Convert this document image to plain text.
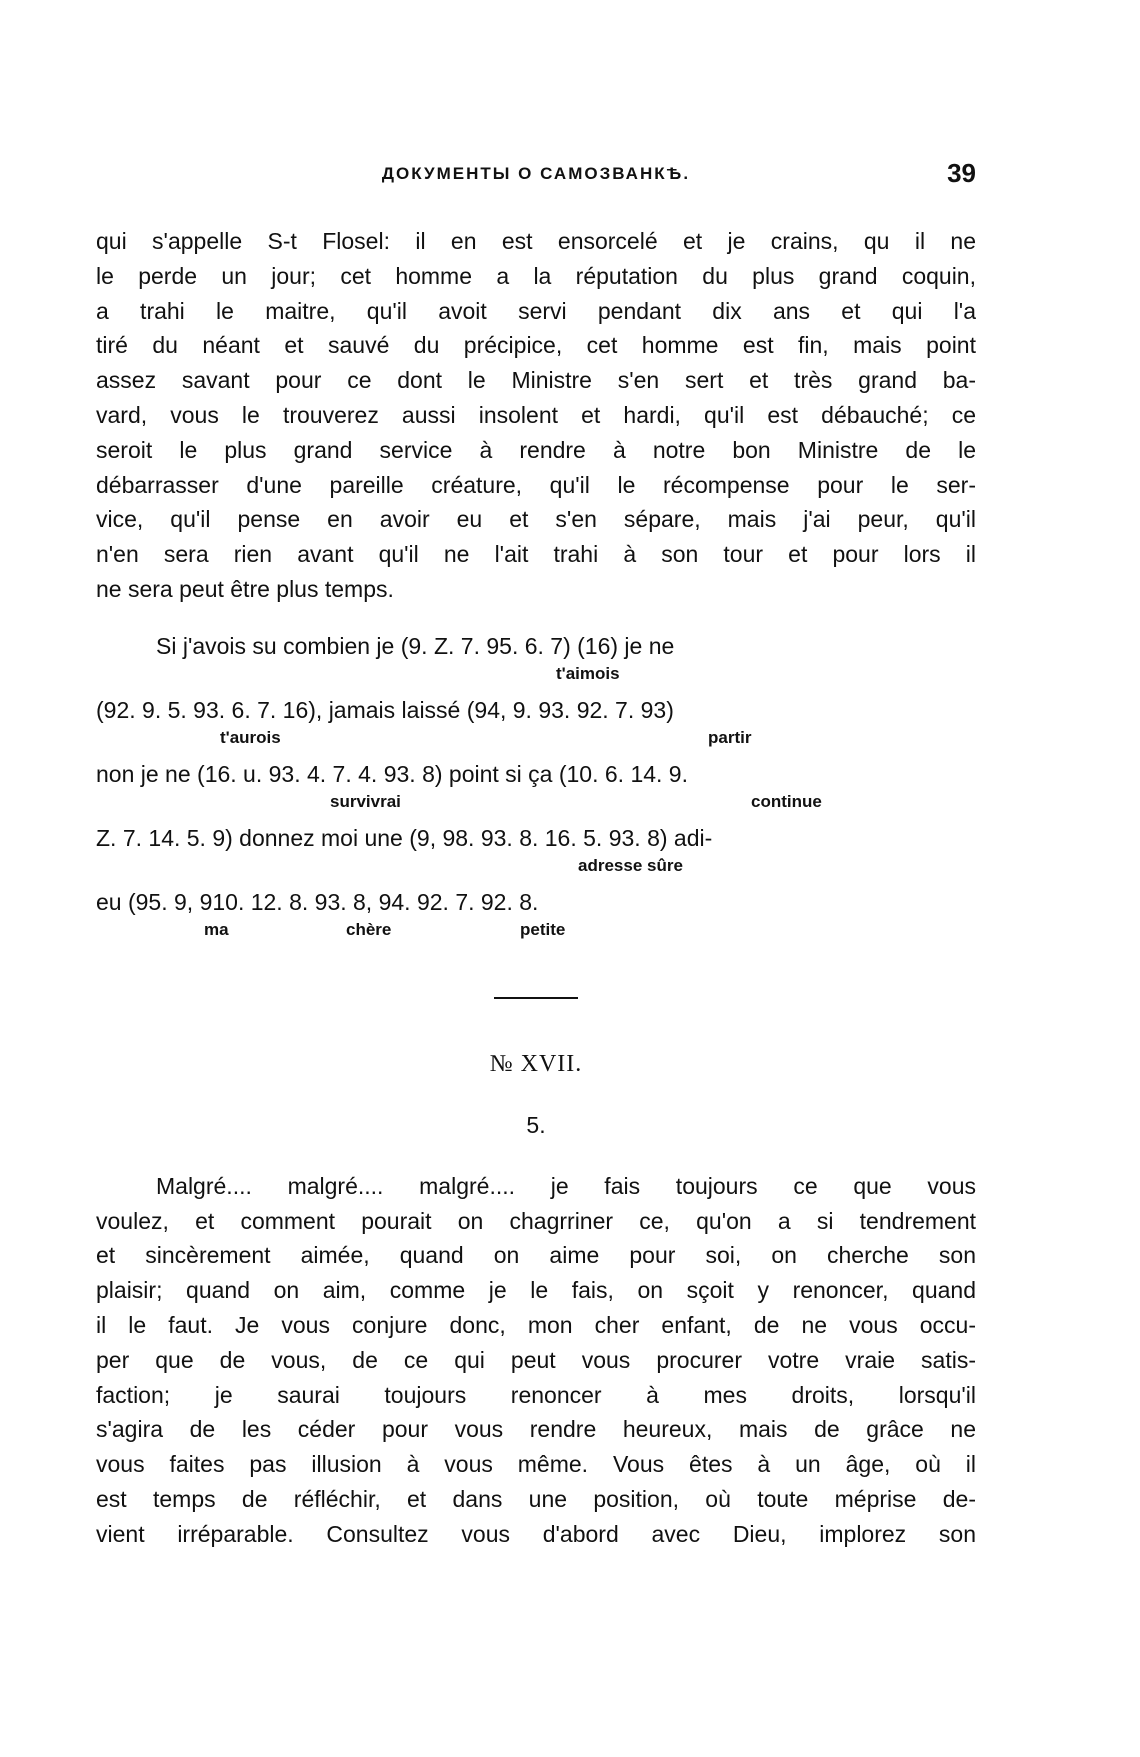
ДОКУМЕНТЫ О САМОЗВАНКѢ.	39
qui s'appelle S-t Flosel: il en est ensorcelé et je crains, qu il ne
le perde un jour; cet homme a la réputation du plus grand coquin,
a trahi le maitre, qu'il avoit servi pendant dix ans et qui l'a
tiré du néant et sauvé du précipice, cet homme est fin, mais point
assez savant pour ce dont le Ministre s'en sert et très grand ba-
vard, vous le trouverez aussi insolent et hardi, qu'il est débauché; ce
seroit le plus grand service à rendre à notre bon Ministre de le
débarrasser d'une pareille créature, qu'il le récompense pour le ser-
vice, qu'il pense en avoir eu et s'en sépare, mais j'ai peur, qu'il
n'en sera rien avant qu'il ne l'ait trahi à son tour et pour lors il
ne sera peut être plus temps.
Si j'avois su combien je (9. Z. 7. 95. 6. 7) (16) je ne
t'aimois
(92. 9. 5. 93. 6. 7. 16), jamais laissé (94, 9. 93. 92. 7. 93)
t'aurois	partir
non je ne (16. u. 93. 4. 7. 4. 93. 8) point si ça (10. 6. 14. 9.
survivrai	continue
Z. 7. 14. 5. 9) donnez moi une (9, 98. 93. 8. 16. 5. 93. 8) adi-
adresse sûre
eu (95. 9, 910. 12. 8. 93. 8, 94. 92. 7. 92. 8.
ma	chère	petite
№ XVII.
5.
Malgré.... malgré.... malgré.... je fais toujours ce que vous
voulez, et comment pourait on chagrriner ce, qu'on a si tendrement
et sincèrement aimée, quand on aime pour soi, on cherche son
plaisir; quand on aim, comme je le fais, on sçoit y renoncer, quand
il le faut. Je vous conjure donc, mon cher enfant, de ne vous occu-
per que de vous, de ce qui peut vous procurer votre vraie satis-
faction; je saurai toujours renoncer à mes droits, lorsqu'il
s'agira de les céder pour vous rendre heureux, mais de grâce ne
vous faites pas illusion à vous même. Vous êtes à un âge, où il
est temps de réfléchir, et dans une position, où toute méprise de-
vient irréparable. Consultez vous d'abord avec Dieu, implorez son
